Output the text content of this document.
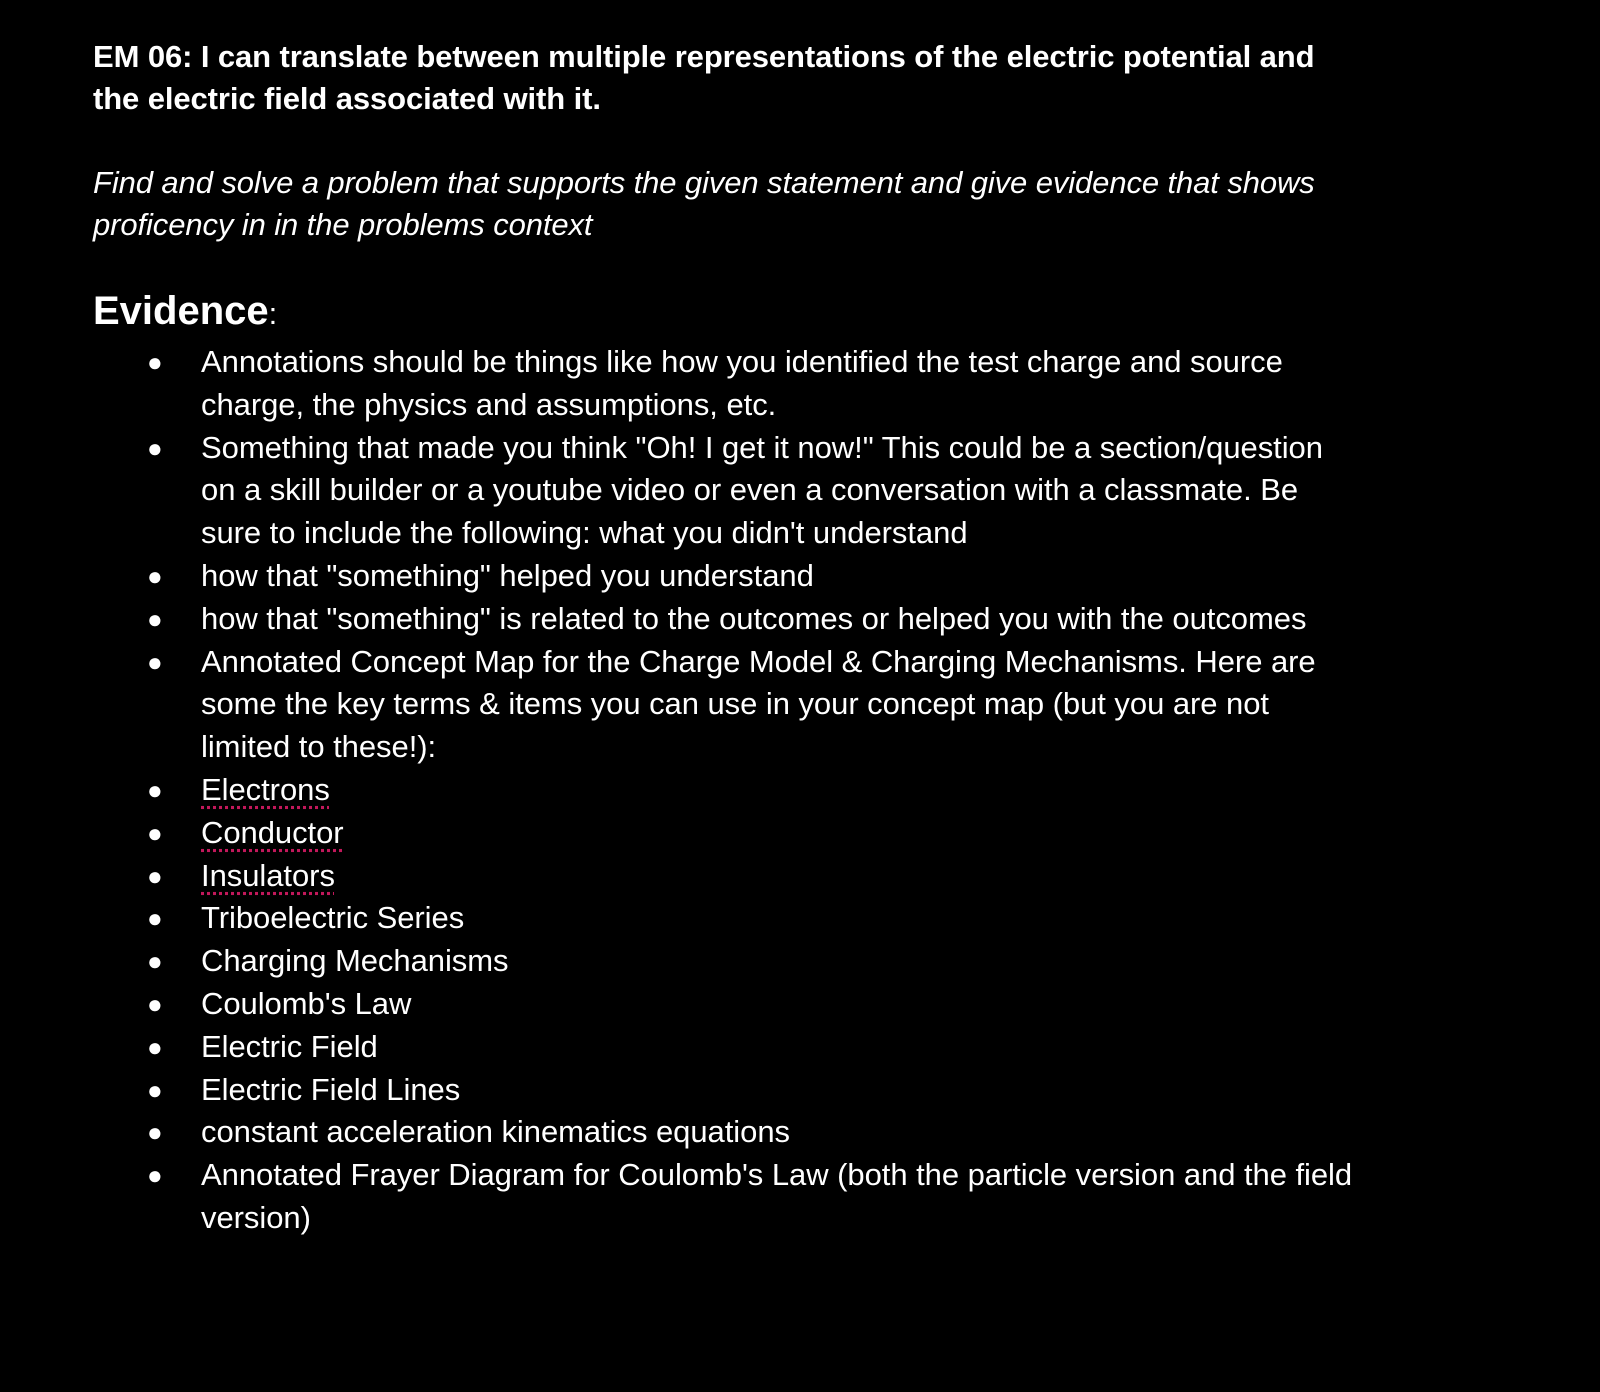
EM 06: I can translate between multiple representations of the electric potential and the electric field associated with it.

Find and solve a problem that supports the given statement and give evidence that shows proficency in in the problems context

Evidence:
● Annotations should be things like how you identified the test charge and source charge, the physics and assumptions, etc.
● Something that made you think "Oh! I get it now!" This could be a section/question on a skill builder or a youtube video or even a conversation with a classmate. Be sure to include the following: what you didn't understand
● how that "something" helped you understand
● how that "something" is related to the outcomes or helped you with the outcomes
● Annotated Concept Map for the Charge Model & Charging Mechanisms. Here are some the key terms & items you can use in your concept map (but you are not limited to these!):
● Electrons
● Conductor
● Insulators
● Triboelectric Series
● Charging Mechanisms
● Coulomb's Law
● Electric Field
● Electric Field Lines
● constant acceleration kinematics equations
● Annotated Frayer Diagram for Coulomb's Law (both the particle version and the field version)
